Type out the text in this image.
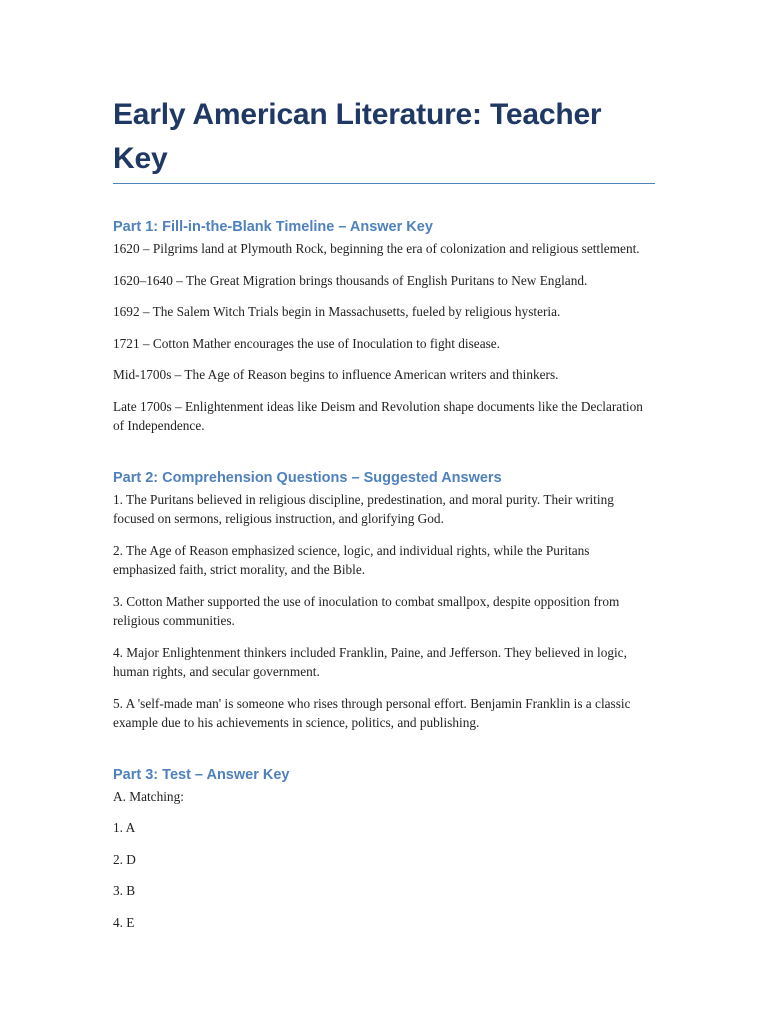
Early American Literature: Teacher Key
Part 1: Fill-in-the-Blank Timeline – Answer Key

1620 – Pilgrims land at Plymouth Rock, beginning the era of colonization and religious settlement.

1620–1640 – The Great Migration brings thousands of English Puritans to New England.

1692 – The Salem Witch Trials begin in Massachusetts, fueled by religious hysteria.

1721 – Cotton Mather encourages the use of Inoculation to fight disease.

Mid-1700s – The Age of Reason begins to influence American writers and thinkers.

Late 1700s – Enlightenment ideas like Deism and Revolution shape documents like the Declaration of Independence.

Part 2: Comprehension Questions – Suggested Answers

1. The Puritans believed in religious discipline, predestination, and moral purity. Their writing focused on sermons, religious instruction, and glorifying God.

2. The Age of Reason emphasized science, logic, and individual rights, while the Puritans emphasized faith, strict morality, and the Bible.

3. Cotton Mather supported the use of inoculation to combat smallpox, despite opposition from religious communities.

4. Major Enlightenment thinkers included Franklin, Paine, and Jefferson. They believed in logic, human rights, and secular government.

5. A 'self-made man' is someone who rises through personal effort. Benjamin Franklin is a classic example due to his achievements in science, politics, and publishing.

Part 3: Test – Answer Key

A. Matching:

1. A

2. D

3. B

4. E
